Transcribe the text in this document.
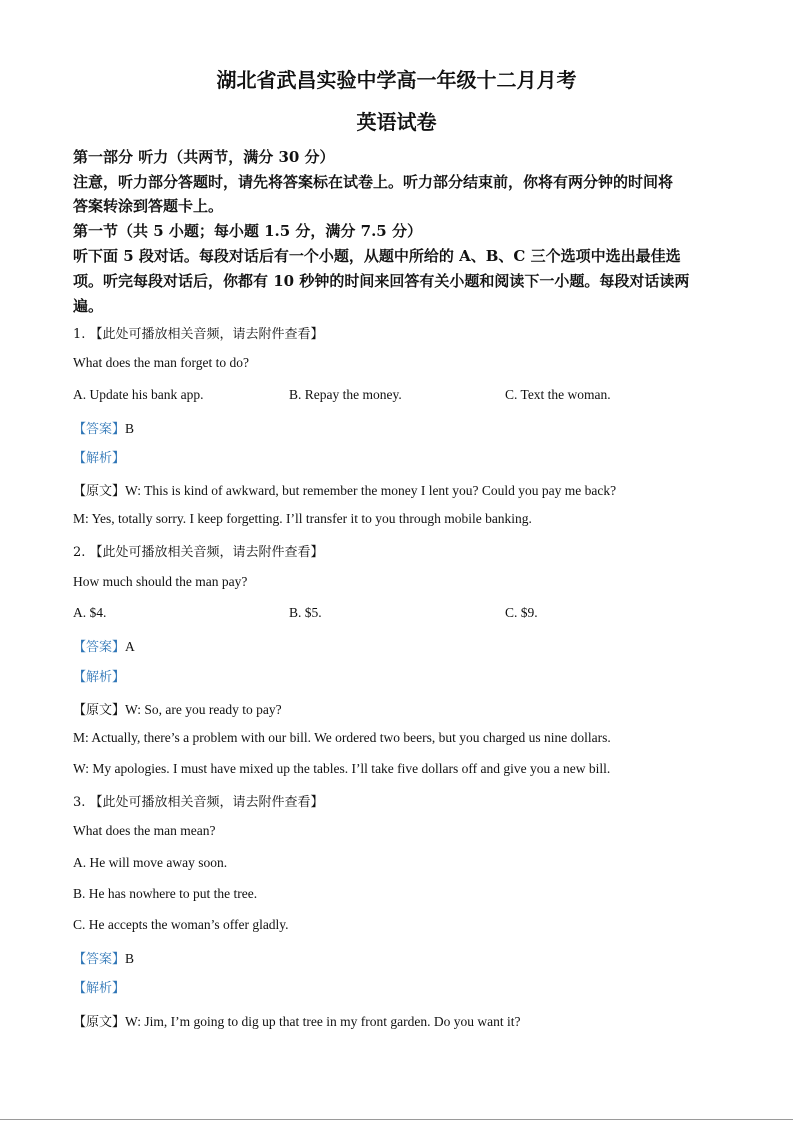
湖北省武昌实验中学高一年级十二月月考
英语试卷
第一部分 听力（共两节，满分 30 分）
注意，听力部分答题时，请先将答案标在试卷上。听力部分结束前，你将有两分钟的时间将
答案转涂到答题卡上。
第一节（共 5 小题；每小题 1.5 分，满分 7.5 分）
听下面 5 段对话。每段对话后有一个小题，从题中所给的 A、B、C 三个选项中选出最佳选
项。听完每段对话后，你都有 10 秒钟的时间来回答有关小题和阅读下一小题。每段对话读两
遍。
1. 【此处可播放相关音频，请去附件查看】
What does the man forget to do?
A. Update his bank app.	B. Repay the money.	C. Text the woman.
【答案】B
【解析】
【原文】W: This is kind of awkward, but remember the money I lent you? Could you pay me back?
M: Yes, totally sorry. I keep forgetting. I’ll transfer it to you through mobile banking.
2. 【此处可播放相关音频，请去附件查看】
How much should the man pay?
A. $4.	B. $5.	C. $9.
【答案】A
【解析】
【原文】W: So, are you ready to pay?
M: Actually, there’s a problem with our bill. We ordered two beers, but you charged us nine dollars.
W: My apologies. I must have mixed up the tables. I’ll take five dollars off and give you a new bill.
3. 【此处可播放相关音频，请去附件查看】
What does the man mean?
A. He will move away soon.
B. He has nowhere to put the tree.
C. He accepts the woman’s offer gladly.
【答案】B
【解析】
【原文】W: Jim, I’m going to dig up that tree in my front garden. Do you want it?
